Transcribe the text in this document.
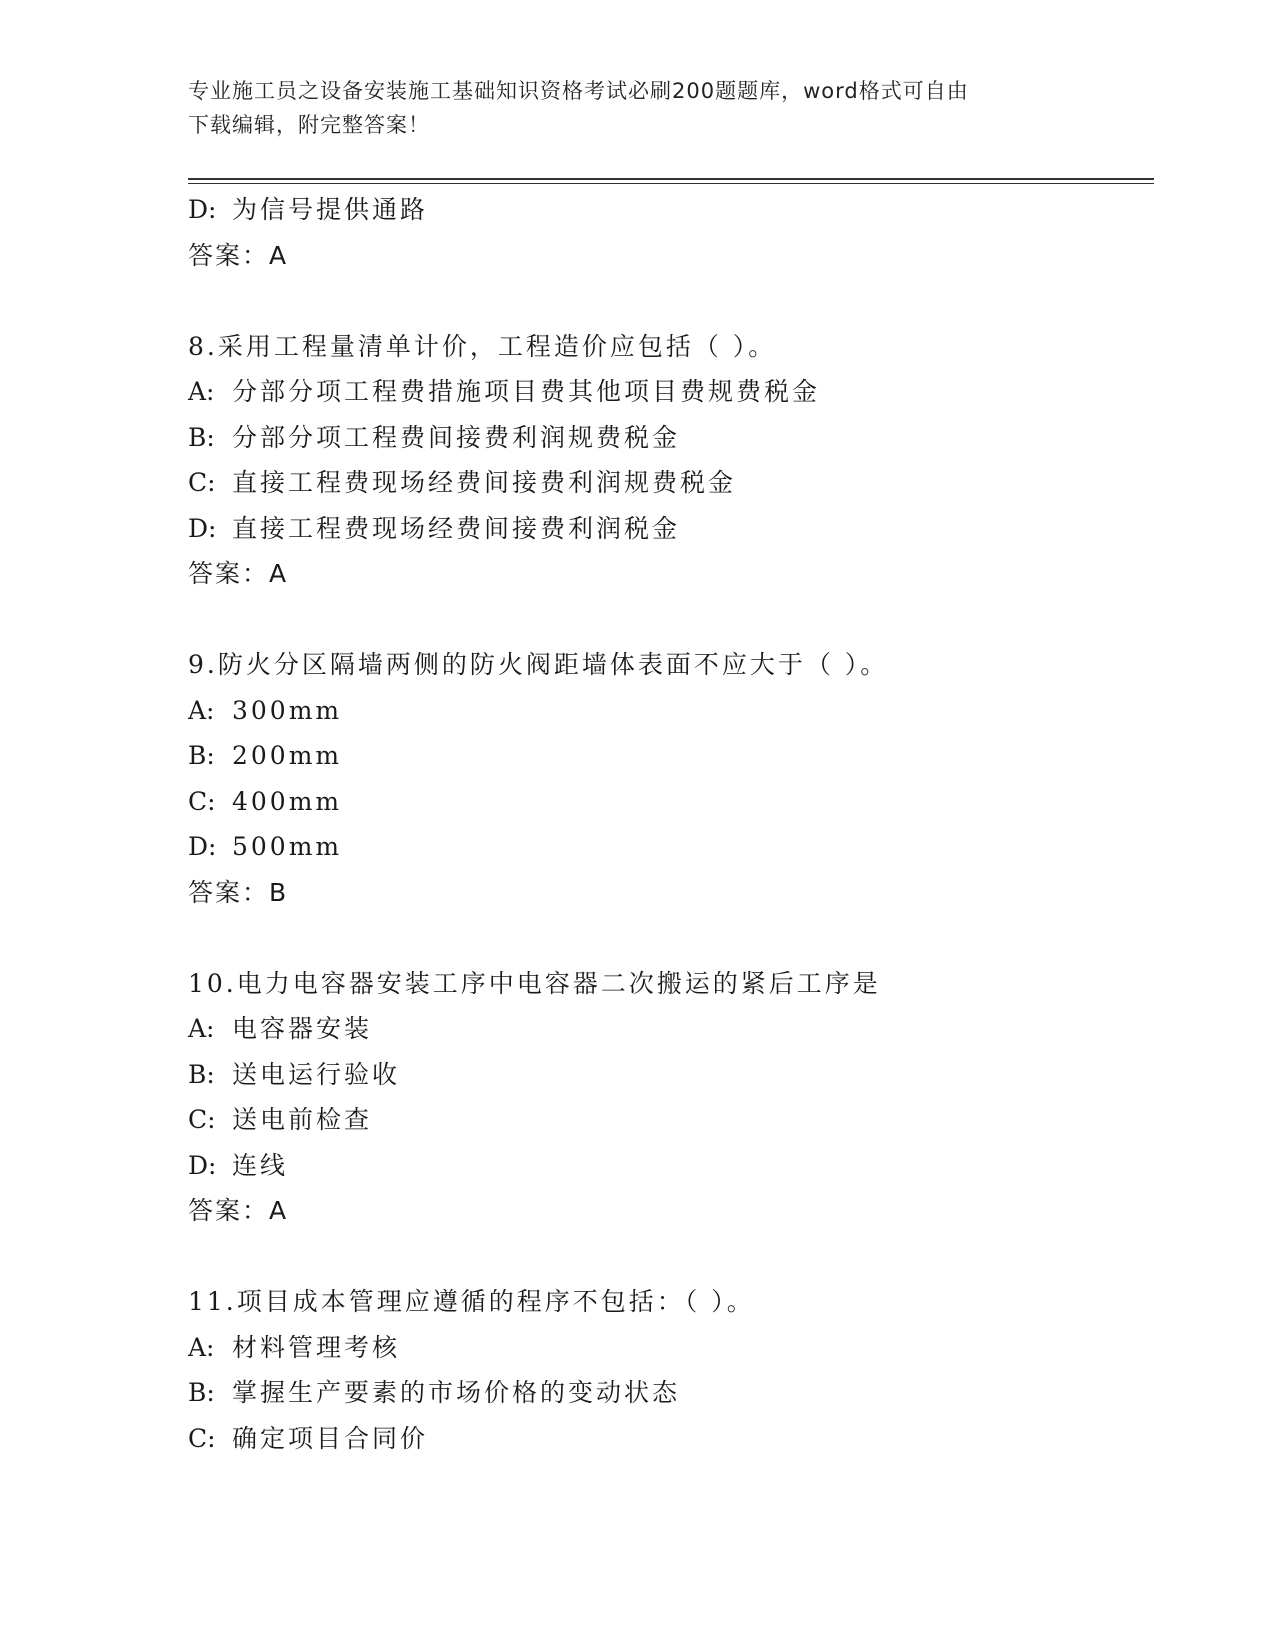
专业施工员之设备安装施工基础知识资格考试必刷200题题库，word格式可自由
下载编辑，附完整答案！
D: 为信号提供通路
答案：A
8.采用工程量清单计价，工程造价应包括（ ）。
A: 分部分项工程费措施项目费其他项目费规费税金
B: 分部分项工程费间接费利润规费税金
C: 直接工程费现场经费间接费利润规费税金
D: 直接工程费现场经费间接费利润税金
答案：A
9.防火分区隔墙两侧的防火阀距墙体表面不应大于（ ）。
A: 300mm
B: 200mm
C: 400mm
D: 500mm
答案：B
10.电力电容器安装工序中电容器二次搬运的紧后工序是
A: 电容器安装
B: 送电运行验收
C: 送电前检查
D: 连线
答案：A
11.项目成本管理应遵循的程序不包括：（ ）。
A: 材料管理考核
B: 掌握生产要素的市场价格的变动状态
C: 确定项目合同价
